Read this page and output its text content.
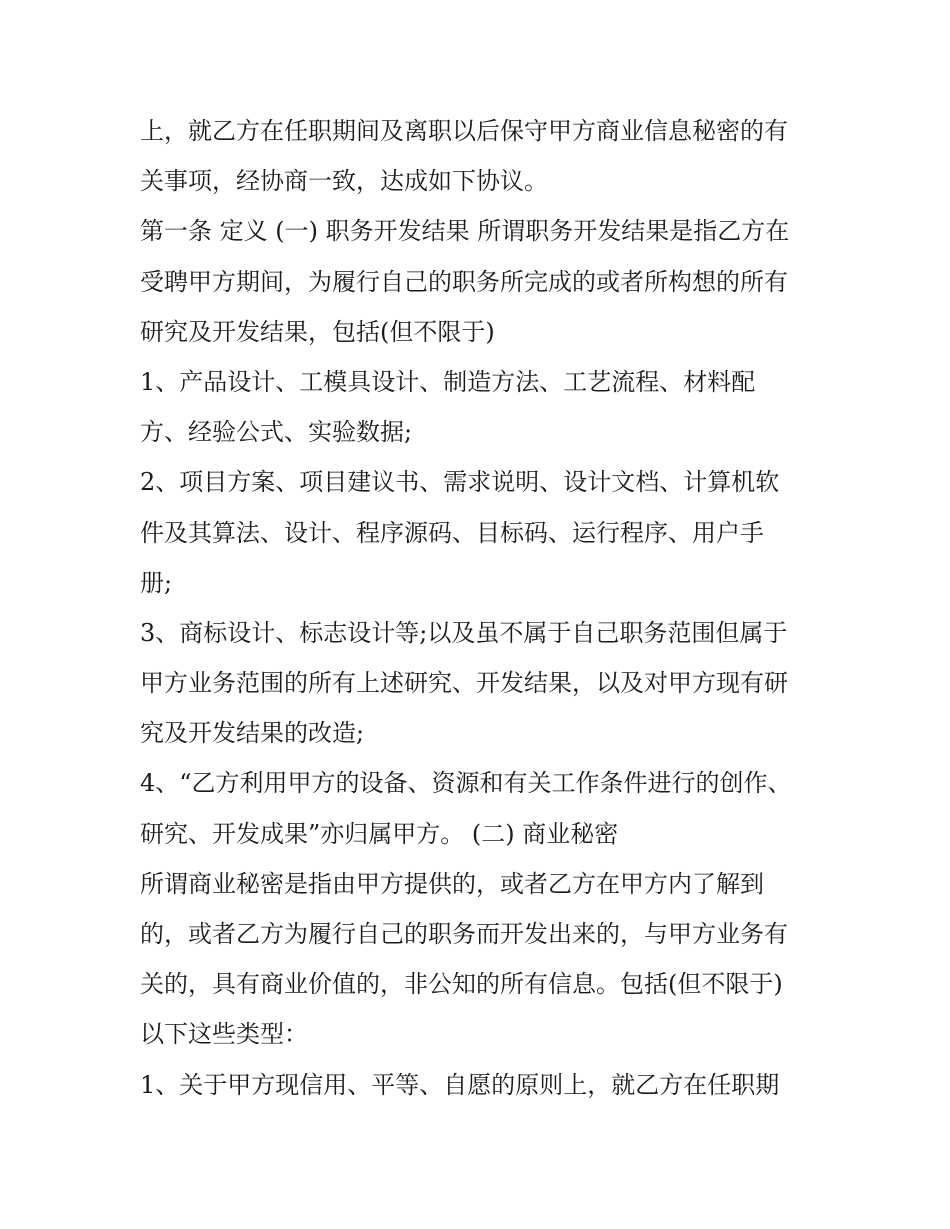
上，就乙方在任职期间及离职以后保守甲方商业信息秘密的有
关事项，经协商一致，达成如下协议。
第一条 定义 (一) 职务开发结果 所谓职务开发结果是指乙方在
受聘甲方期间，为履行自己的职务所完成的或者所构想的所有
研究及开发结果，包括(但不限于)
1、产品设计、工模具设计、制造方法、工艺流程、材料配
方、经验公式、实验数据;
2、项目方案、项目建议书、需求说明、设计文档、计算机软
件及其算法、设计、程序源码、目标码、运行程序、用户手
册;
3、商标设计、标志设计等;以及虽不属于自己职务范围但属于
甲方业务范围的所有上述研究、开发结果，以及对甲方现有研
究及开发结果的改造;
4、“乙方利用甲方的设备、资源和有关工作条件进行的创作、
研究、开发成果”亦归属甲方。 (二) 商业秘密
所谓商业秘密是指由甲方提供的，或者乙方在甲方内了解到
的，或者乙方为履行自己的职务而开发出来的，与甲方业务有
关的，具有商业价值的，非公知的所有信息。包括(但不限于)
以下这些类型：
1、关于甲方现信用、平等、自愿的原则上，就乙方在任职期
